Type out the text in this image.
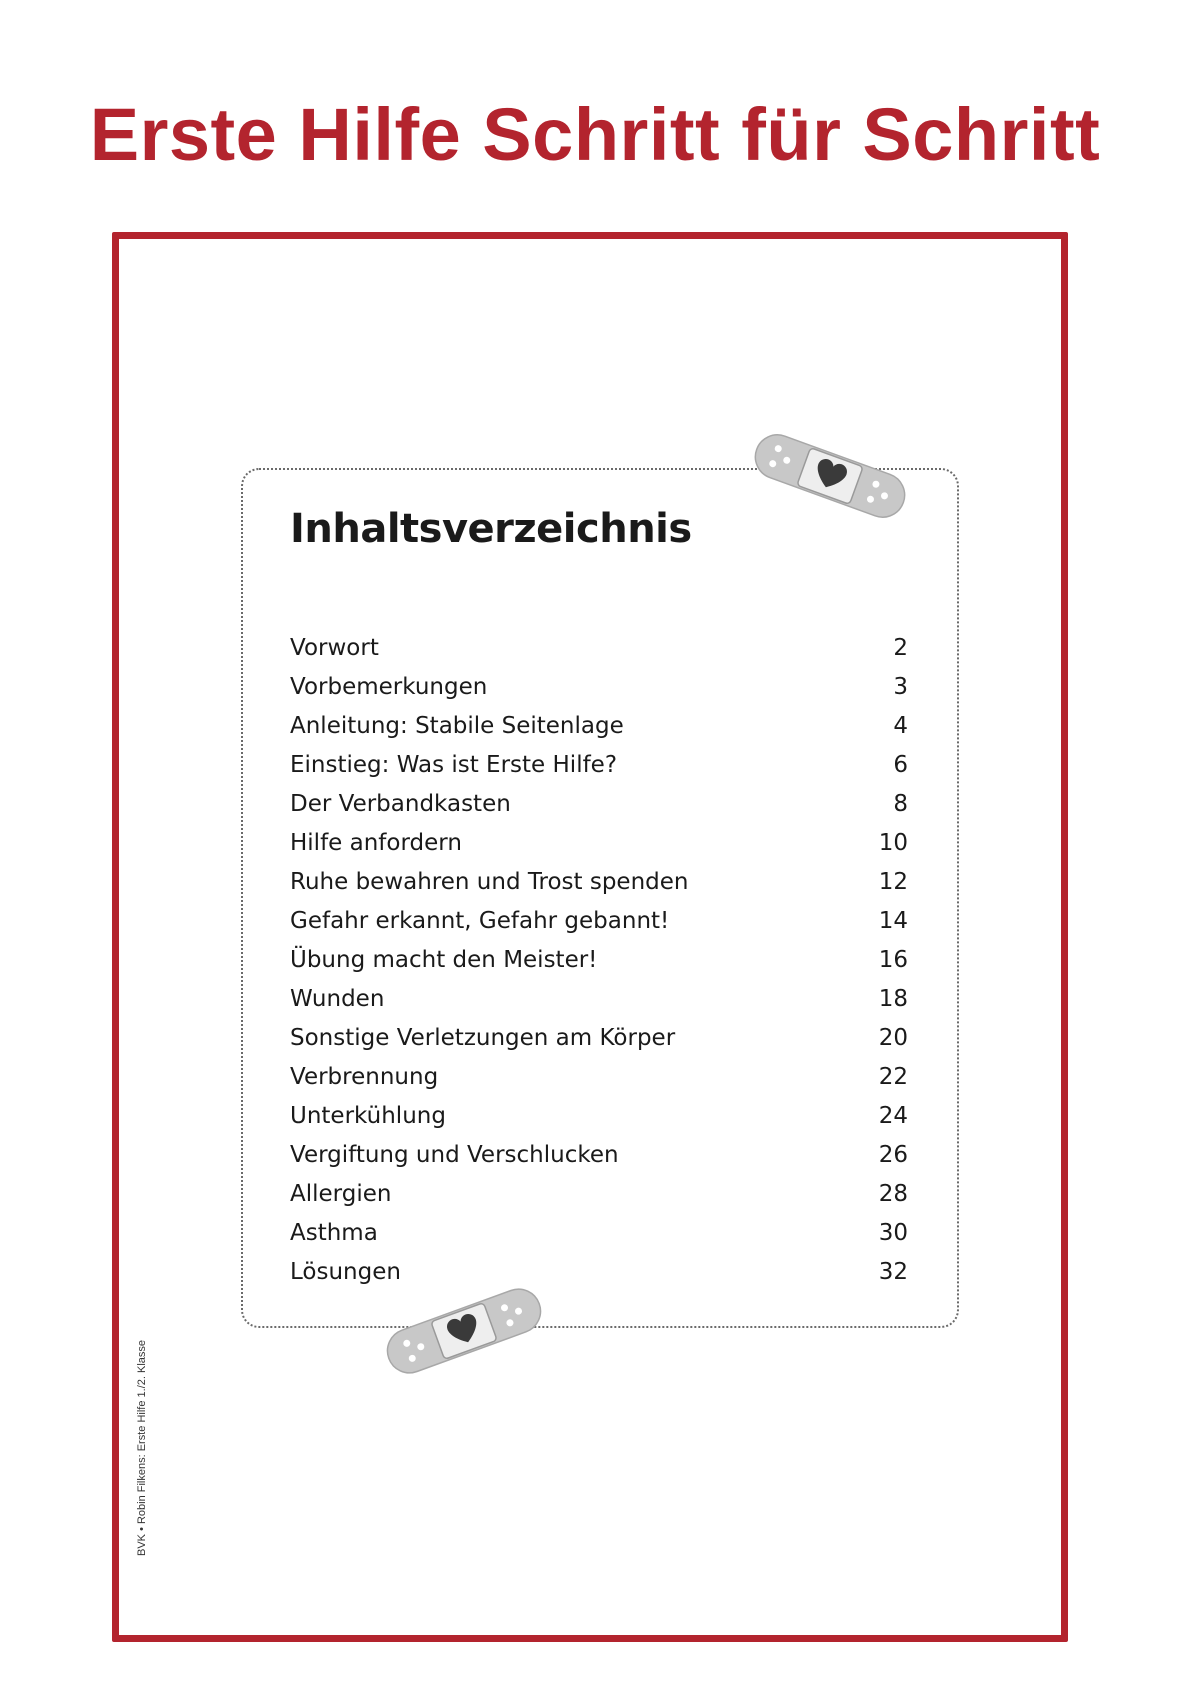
Erste Hilfe Schritt für Schritt
Inhaltsverzeichnis
Vorwort	2
Vorbemerkungen	3
Anleitung: Stabile Seitenlage	4
Einstieg: Was ist Erste Hilfe?	6
Der Verbandkasten	8
Hilfe anfordern	10
Ruhe bewahren und Trost spenden	12
Gefahr erkannt, Gefahr gebannt!	14
Übung macht den Meister!	16
Wunden	18
Sonstige Verletzungen am Körper	20
Verbrennung	22
Unterkühlung	24
Vergiftung und Verschlucken	26
Allergien	28
Asthma	30
Lösungen	32
BVK • Robin Filkens: Erste Hilfe 1./2. Klasse
